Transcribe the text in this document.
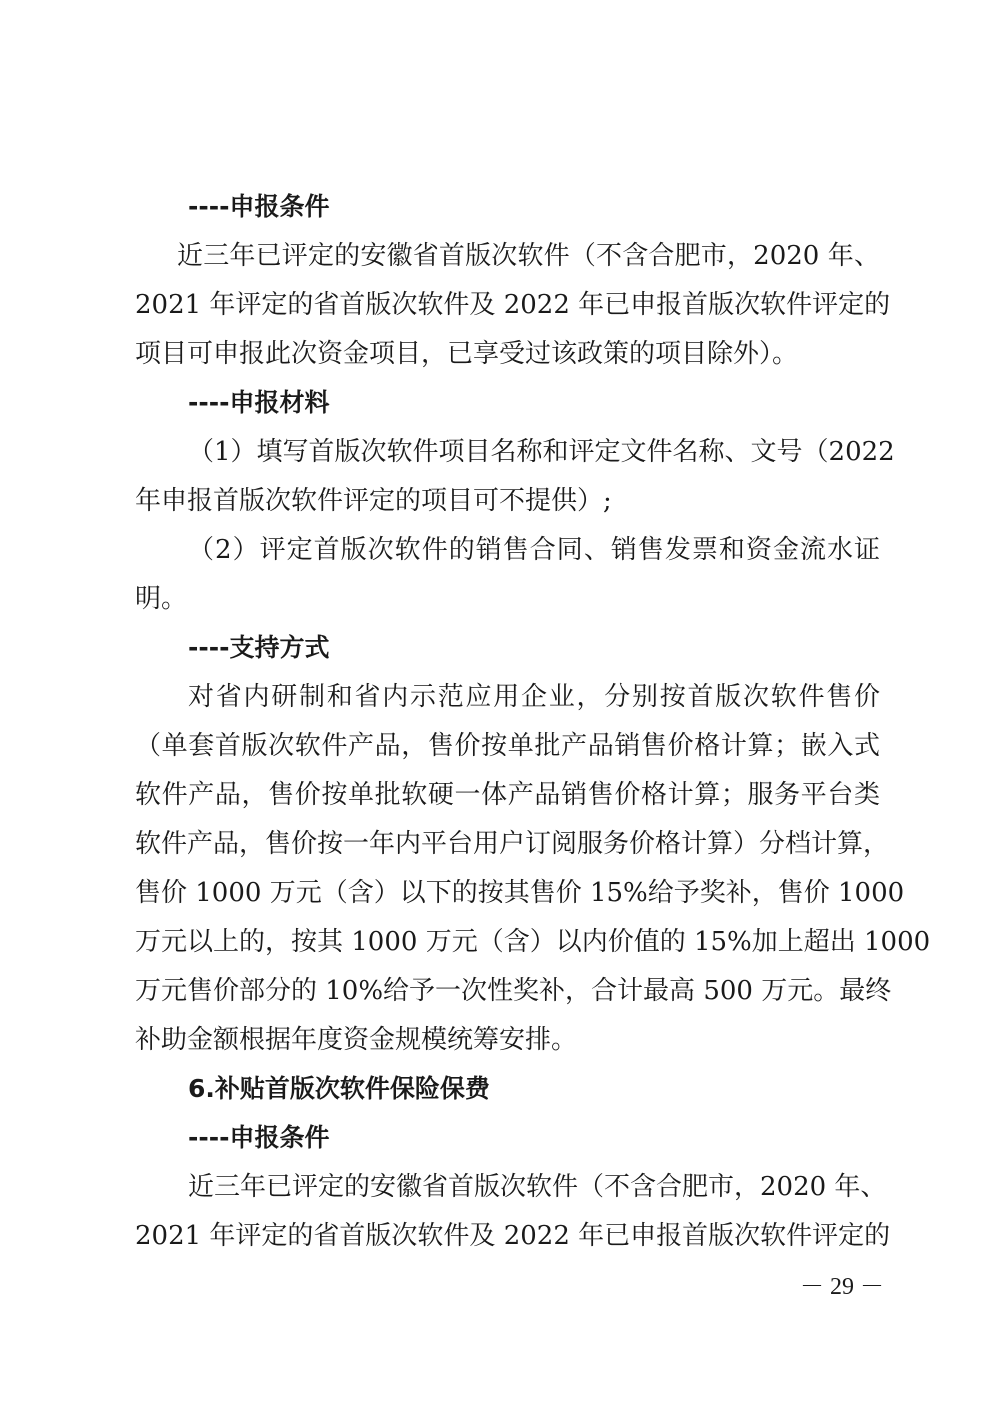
----申报条件
近三年已评定的安徽省首版次软件（不含合肥市，2020 年、
2021 年评定的省首版次软件及 2022 年已申报首版次软件评定的
项目可申报此次资金项目，已享受过该政策的项目除外）。
----申报材料
（1）填写首版次软件项目名称和评定文件名称、文号（2022
年申报首版次软件评定的项目可不提供）;
（2）评定首版次软件的销售合同、销售发票和资金流水证
明。
----支持方式
对省内研制和省内示范应用企业，分别按首版次软件售价
（单套首版次软件产品，售价按单批产品销售价格计算；嵌入式
软件产品，售价按单批软硬一体产品销售价格计算；服务平台类
软件产品，售价按一年内平台用户订阅服务价格计算）分档计算，
售价 1000 万元（含）以下的按其售价 15%给予奖补，售价 1000
万元以上的，按其 1000 万元（含）以内价值的 15%加上超出 1000
万元售价部分的 10%给予一次性奖补，合计最高 500 万元。最终
补助金额根据年度资金规模统筹安排。
6.补贴首版次软件保险保费
----申报条件
近三年已评定的安徽省首版次软件（不含合肥市，2020 年、
2021 年评定的省首版次软件及 2022 年已申报首版次软件评定的
－ 29 －
